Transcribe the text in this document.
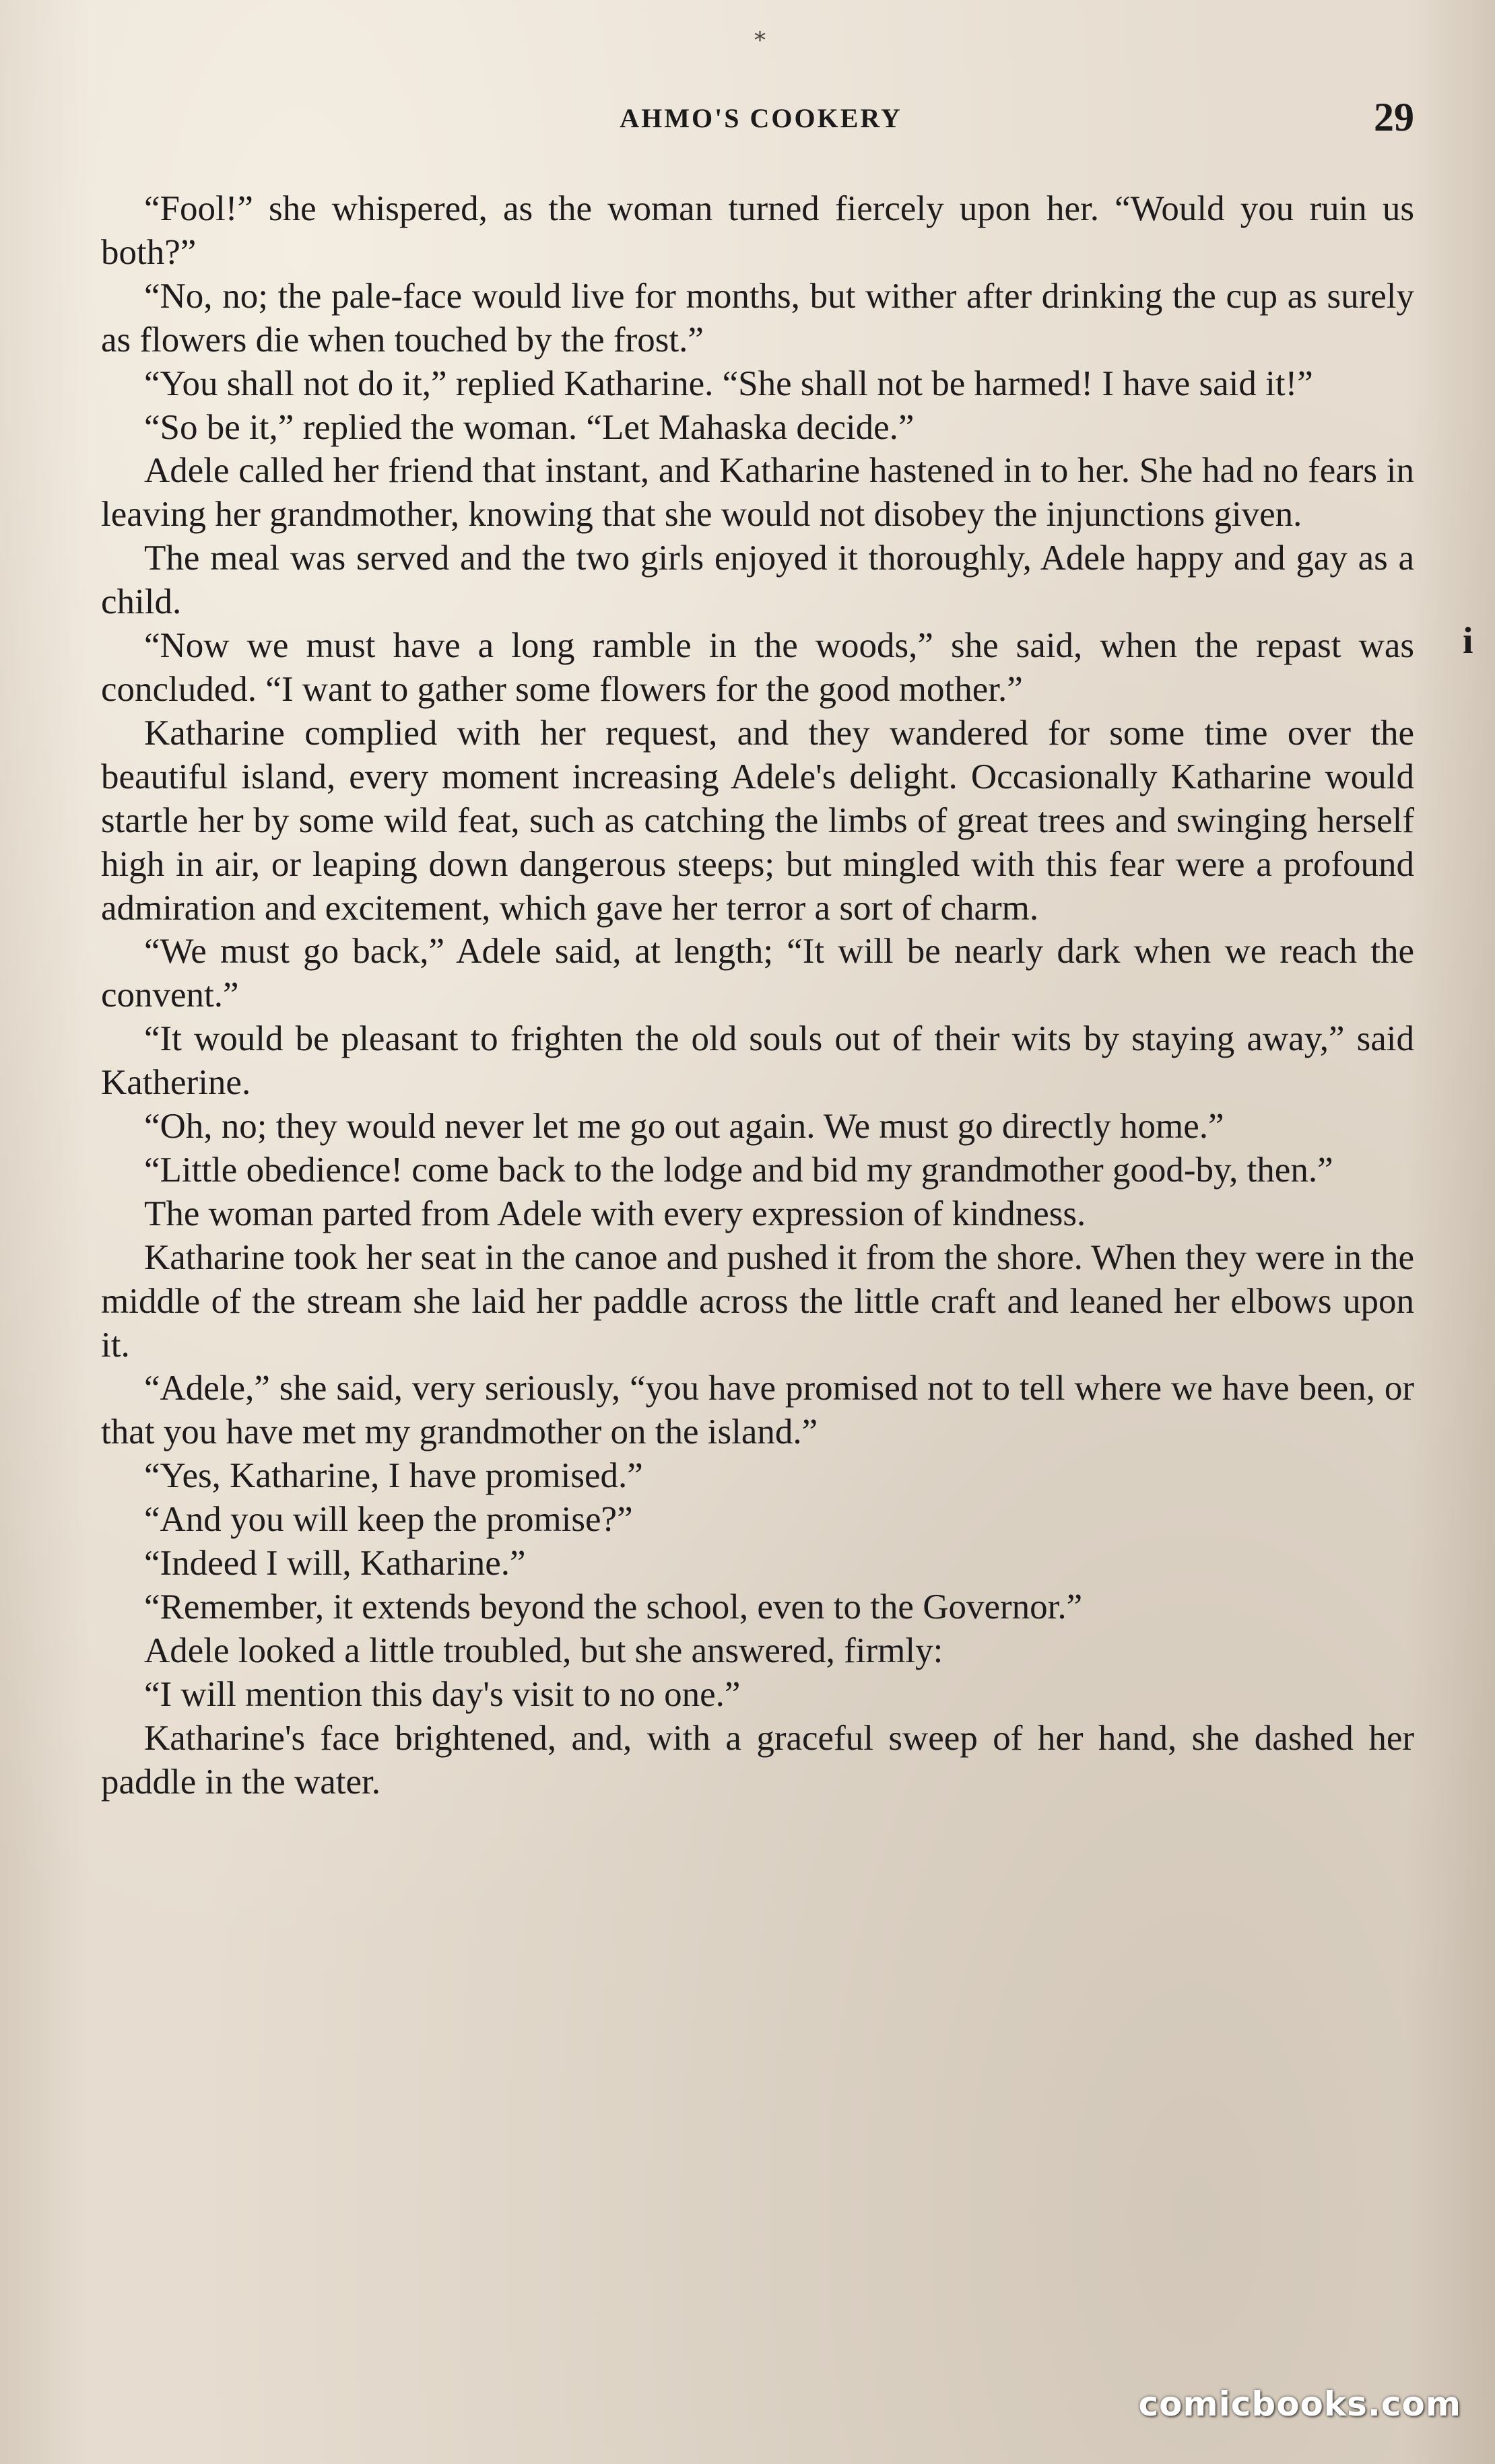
*
AHMO'S COOKERY	29

“Fool!” she whispered, as the woman turned fiercely upon her. “Would you ruin us both?”

“No, no; the pale-face would live for months, but wither after drinking the cup as surely as flowers die when touched by the frost.”

“You shall not do it,” replied Katharine. “She shall not be harmed! I have said it!”

“So be it,” replied the woman. “Let Mahaska decide.”

Adele called her friend that instant, and Katharine hastened in to her. She had no fears in leaving her grandmother, knowing that she would not disobey the injunctions given.

The meal was served and the two girls enjoyed it thoroughly, Adele happy and gay as a child.

“Now we must have a long ramble in the woods,” she said, when the repast was concluded. “I want to gather some flowers for the good mother.”

Katharine complied with her request, and they wandered for some time over the beautiful island, every moment increasing Adele's delight. Occasionally Katharine would startle her by some wild feat, such as catching the limbs of great trees and swinging herself high in air, or leaping down dangerous steeps; but mingled with this fear were a profound admiration and excitement, which gave her terror a sort of charm.

“We must go back,” Adele said, at length; “It will be nearly dark when we reach the convent.”

“It would be pleasant to frighten the old souls out of their wits by staying away,” said Katherine.

“Oh, no; they would never let me go out again. We must go directly home.”

“Little obedience! come back to the lodge and bid my grandmother good-by, then.”

The woman parted from Adele with every expression of kindness.

Katharine took her seat in the canoe and pushed it from the shore. When they were in the middle of the stream she laid her paddle across the little craft and leaned her elbows upon it.

“Adele,” she said, very seriously, “you have promised not to tell where we have been, or that you have met my grandmother on the island.”

“Yes, Katharine, I have promised.”

“And you will keep the promise?”

“Indeed I will, Katharine.”

“Remember, it extends beyond the school, even to the Governor.”

Adele looked a little troubled, but she answered, firmly:

“I will mention this day's visit to no one.”

Katharine's face brightened, and, with a graceful sweep of her hand, she dashed her paddle in the water.

i
comicbooks.com
